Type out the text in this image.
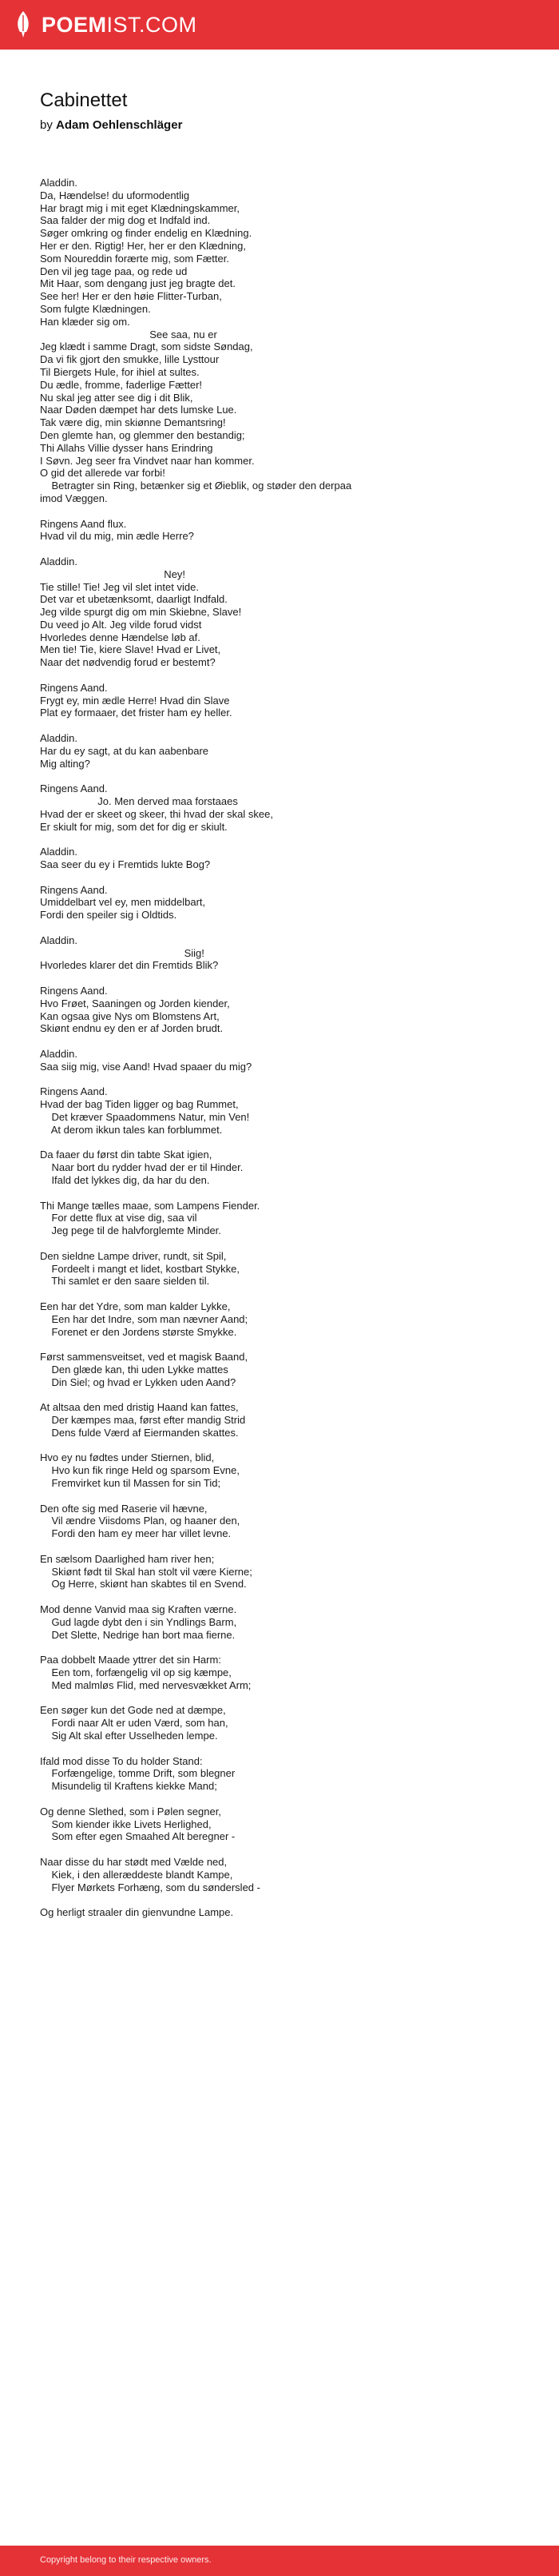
POEMIST.COM
Cabinettet
by Adam Oehlenschläger
Aladdin.
Da, Hændelse! du uformodentlig
Har bragt mig i mit eget Klædningskammer,
Saa falder der mig dog et Indfald ind.
Søger omkring og finder endelig en Klædning.
Her er den. Rigtig! Her, her er den Klædning,
Som Noureddin forærte mig, som Fætter.
Den vil jeg tage paa, og rede ud
Mit Haar, som dengang just jeg bragte det.
See her! Her er den høie Flitter-Turban,
Som fulgte Klædningen.
Han klæder sig om.
See saa, nu er
Jeg klædt i samme Dragt, som sidste Søndag,
Da vi fik gjort den smukke, lille Lysttour
Til Biergets Hule, for ihiel at sultes.
Du ædle, fromme, faderlige Fætter!
Nu skal jeg atter see dig i dit Blik,
Naar Døden dæmpet har dets lumske Lue.
Tak være dig, min skiønne Demantsring!
Den glemte han, og glemmer den bestandig;
Thi Allahs Villie dysser hans Erindring
I Søvn. Jeg seer fra Vindvet naar han kommer.
O gid det allerede var forbi!
Betragter sin Ring, betænker sig et Øieblik, og støder den derpaa
imod Væggen.
Ringens Aand flux.
Hvad vil du mig, min ædle Herre?
Aladdin.
Ney!
Tie stille! Tie! Jeg vil slet intet vide.
Det var et ubetænksomt, daarligt Indfald.
Jeg vilde spurgt dig om min Skiebne, Slave!
Du veed jo Alt. Jeg vilde forud vidst
Hvorledes denne Hændelse løb af.
Men tie! Tie, kiere Slave! Hvad er Livet,
Naar det nødvendig forud er bestemt?
Ringens Aand.
Frygt ey, min ædle Herre! Hvad din Slave
Plat ey formaaer, det frister ham ey heller.
Aladdin.
Har du ey sagt, at du kan aabenbare
Mig alting?
Ringens Aand.
Jo. Men derved maa forstaaes
Hvad der er skeet og skeer, thi hvad der skal skee,
Er skiult for mig, som det for dig er skiult.
Aladdin.
Saa seer du ey i Fremtids lukte Bog?
Ringens Aand.
Umiddelbart vel ey, men middelbart,
Fordi den speiler sig i Oldtids.
Aladdin.
Siig!
Hvorledes klarer det din Fremtids Blik?
Ringens Aand.
Hvo Frøet, Saaningen og Jorden kiender,
Kan ogsaa give Nys om Blomstens Art,
Skiønt endnu ey den er af Jorden brudt.
Aladdin.
Saa siig mig, vise Aand! Hvad spaaer du mig?
Ringens Aand.
Hvad der bag Tiden ligger og bag Rummet,
Det kræver Spaadommens Natur, min Ven!
At derom ikkun tales kan forblummet.
Da faaer du først din tabte Skat igien,
Naar bort du rydder hvad der er til Hinder.
Ifald det lykkes dig, da har du den.
Thi Mange tælles maae, som Lampens Fiender.
For dette flux at vise dig, saa vil
Jeg pege til de halvforglemte Minder.
Den sieldne Lampe driver, rundt, sit Spil,
Fordeelt i mangt et lidet, kostbart Stykke,
Thi samlet er den saare sielden til.
Een har det Ydre, som man kalder Lykke,
Een har det Indre, som man nævner Aand;
Forenet er den Jordens største Smykke.
Først sammensveitset, ved et magisk Baand,
Den glæde kan, thi uden Lykke mattes
Din Siel; og hvad er Lykken uden Aand?
At altsaa den med dristig Haand kan fattes,
Der kæmpes maa, først efter mandig Strid
Dens fulde Værd af Eiermanden skattes.
Hvo ey nu fødtes under Stiernen, blid,
Hvo kun fik ringe Held og sparsom Evne,
Fremvirket kun til Massen for sin Tid;
Den ofte sig med Raserie vil hævne,
Vil ændre Viisdoms Plan, og haaner den,
Fordi den ham ey meer har villet levne.
En sælsom Daarlighed ham river hen;
Skiønt født til Skal han stolt vil være Kierne;
Og Herre, skiønt han skabtes til en Svend.
Mod denne Vanvid maa sig Kraften værne.
Gud lagde dybt den i sin Yndlings Barm,
Det Slette, Nedrige han bort maa fierne.
Paa dobbelt Maade yttrer det sin Harm:
Een tom, forfængelig vil op sig kæmpe,
Med malmløs Flid, med nervesvækket Arm;
Een søger kun det Gode ned at dæmpe,
Fordi naar Alt er uden Værd, som han,
Sig Alt skal efter Usselheden lempe.
Ifald mod disse To du holder Stand:
Forfængelige, tomme Drift, som blegner
Misundelig til Kraftens kiekke Mand;
Og denne Slethed, som i Pølen segner,
Som kiender ikke Livets Herlighed,
Som efter egen Smaahed Alt beregner -
Naar disse du har stødt med Vælde ned,
Kiek, i den alleræddeste blandt Kampe,
Flyer Mørkets Forhæng, som du søndersled -
Og herligt straaler din gienvundne Lampe.
Copyright belong to their respective owners.
